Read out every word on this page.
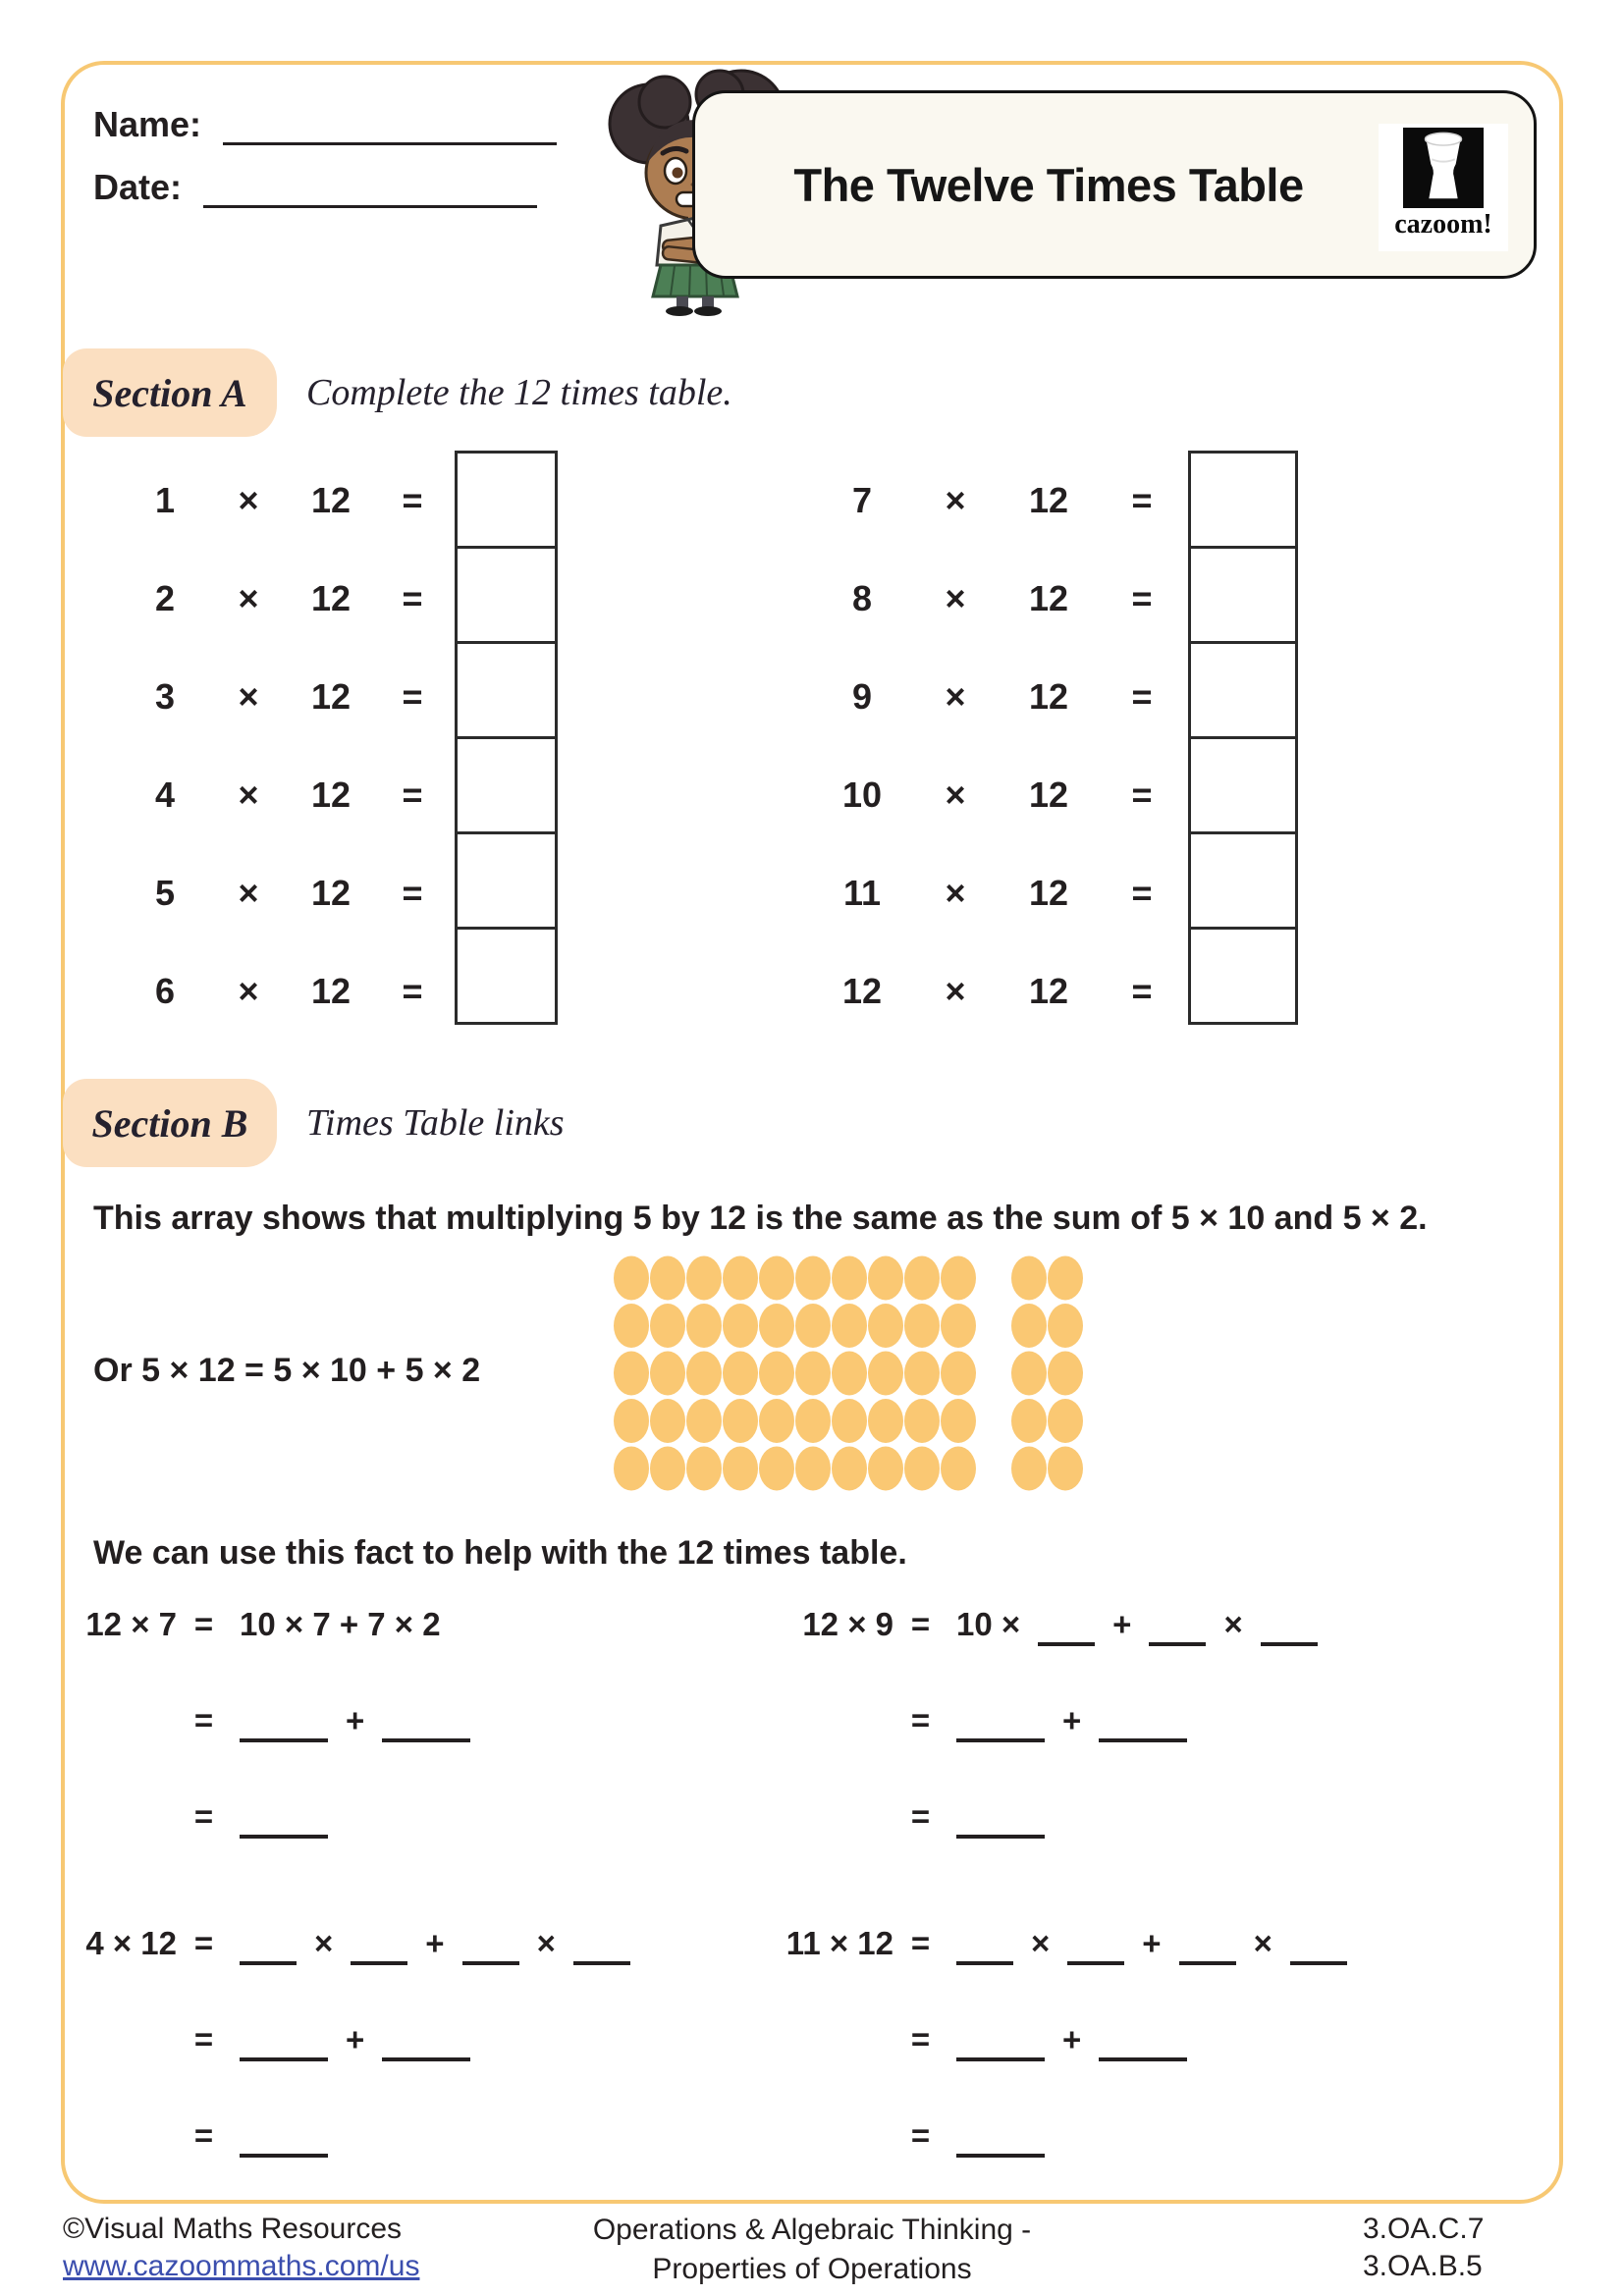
Name:
Date:	The Twelve Times Table
cazoom!
Section A	Complete the 12 times table.
1	×	12	=
2	×	12	=
3	×	12	=
4	×	12	=
5	×	12	=
6	×	12	=
7	×	12	=
8	×	12	=
9	×	12	=
10	×	12	=
11	×	12	=
12	×	12	=
Section B	Times Table links
This array shows that multiplying 5 by 12 is the same as the sum of 5 × 10 and 5 × 2.
Or 5 × 12 = 5 × 10 + 5 × 2
We can use this fact to help with the 12 times table.
12 × 7 = 10 × 7 + 7 × 2
=	+
=
12 × 9 = 10 ×	+	×
=	+
=
4 × 12 =	×	+	×
=	+
=
11 × 12 =	×	+	×
=	+
=
©Visual Maths Resources
www.cazoommaths.com/us
Operations & Algebraic Thinking -
Properties of Operations
3.OA.C.7
3.OA.B.5
